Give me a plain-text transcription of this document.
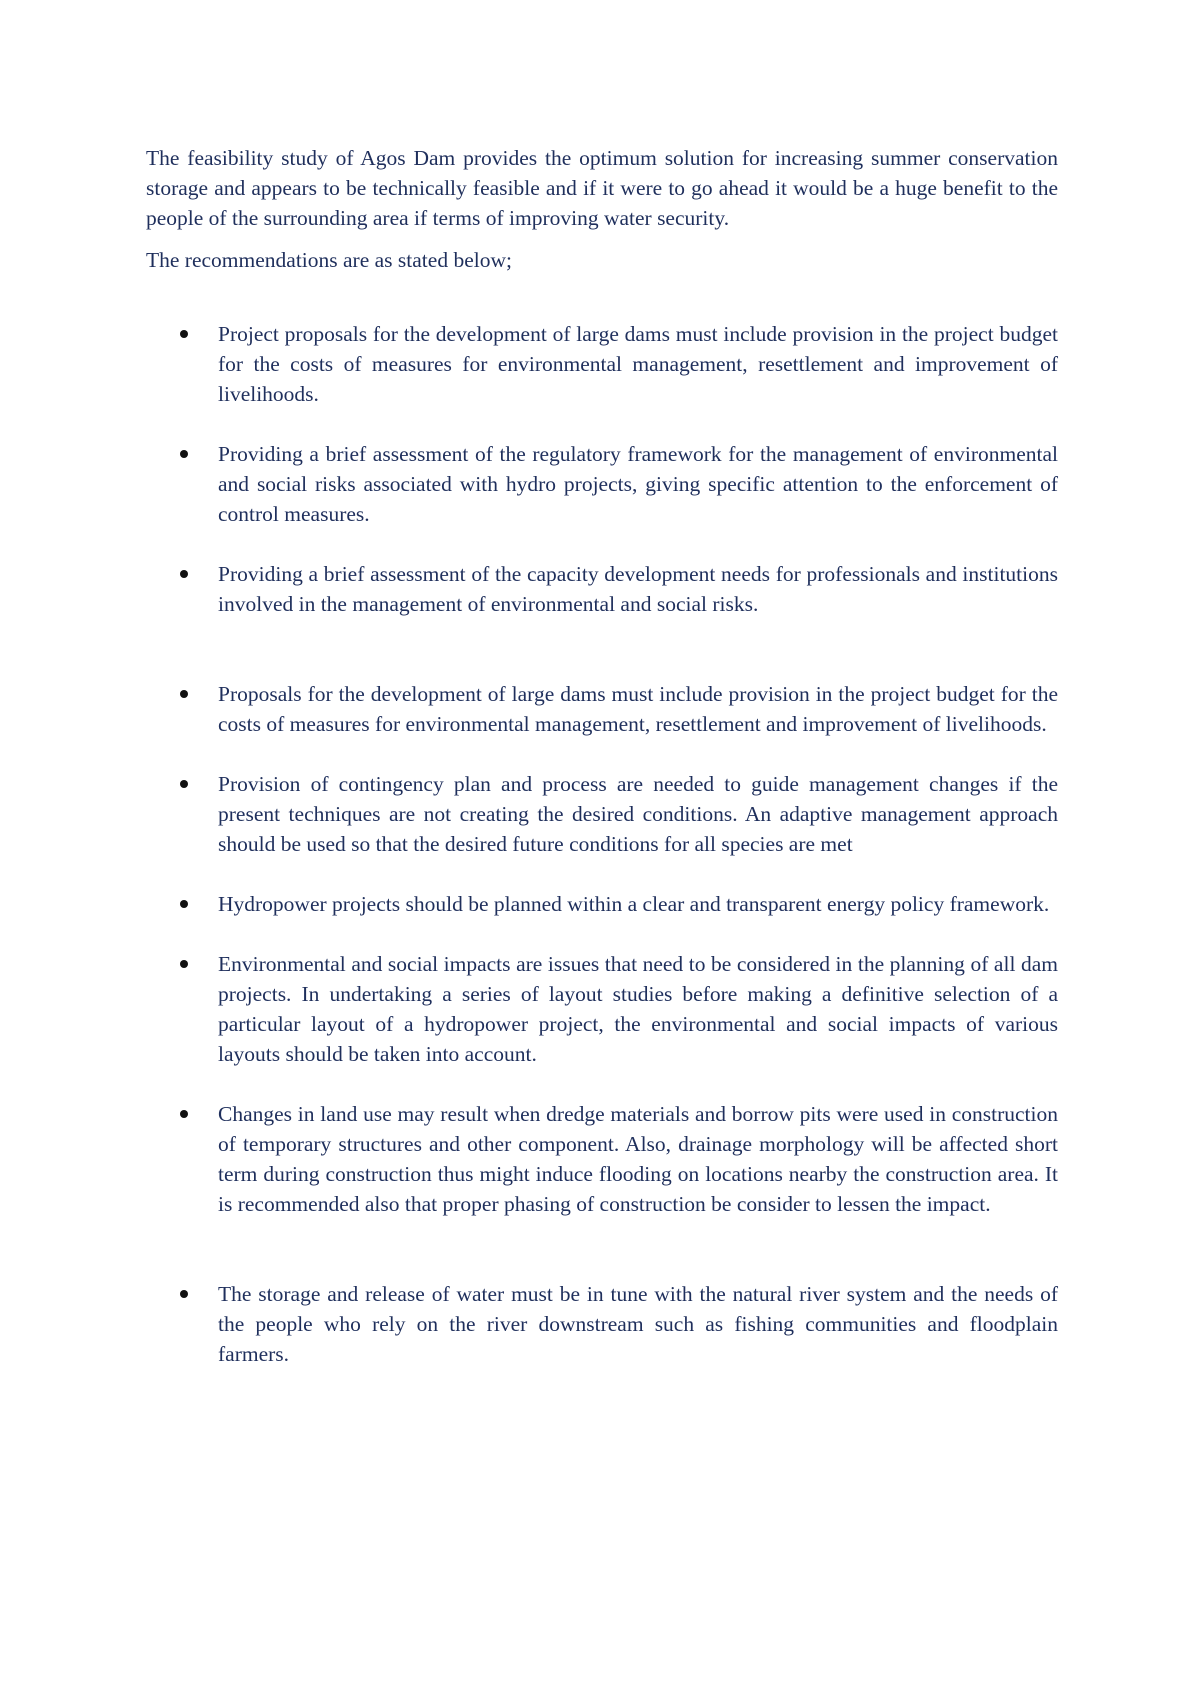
The feasibility study of Agos Dam provides the optimum solution for increasing summer conservation storage and appears to be technically feasible and if it were to go ahead it would be a huge benefit to the people of the surrounding area if terms of improving water security.

The recommendations are as stated below;

Project proposals for the development of large dams must include provision in the project budget for the costs of measures for environmental management, resettlement and improvement of livelihoods.
Providing a brief assessment of the regulatory framework for the management of environmental and social risks associated with hydro projects, giving specific attention to the enforcement of control measures.
Providing a brief assessment of the capacity development needs for professionals and institutions involved in the management of environmental and social risks.
Proposals for the development of large dams must include provision in the project budget for the costs of measures for environmental management, resettlement and improvement of livelihoods.
Provision of contingency plan and process are needed to guide management changes if the present techniques are not creating the desired conditions. An adaptive management approach should be used so that the desired future conditions for all species are met
Hydropower projects should be planned within a clear and transparent energy policy framework.
Environmental and social impacts are issues that need to be considered in the planning of all dam projects. In undertaking a series of layout studies before making a definitive selection of a particular layout of a hydropower project, the environmental and social impacts of various layouts should be taken into account.
Changes in land use may result when dredge materials and borrow pits were used in construction of temporary structures and other component. Also, drainage morphology will be affected short term during construction thus might induce flooding on locations nearby the construction area. It is recommended also that proper phasing of construction be consider to lessen the impact.
The storage and release of water must be in tune with the natural river system and the needs of the people who rely on the river downstream such as fishing communities and floodplain farmers.
